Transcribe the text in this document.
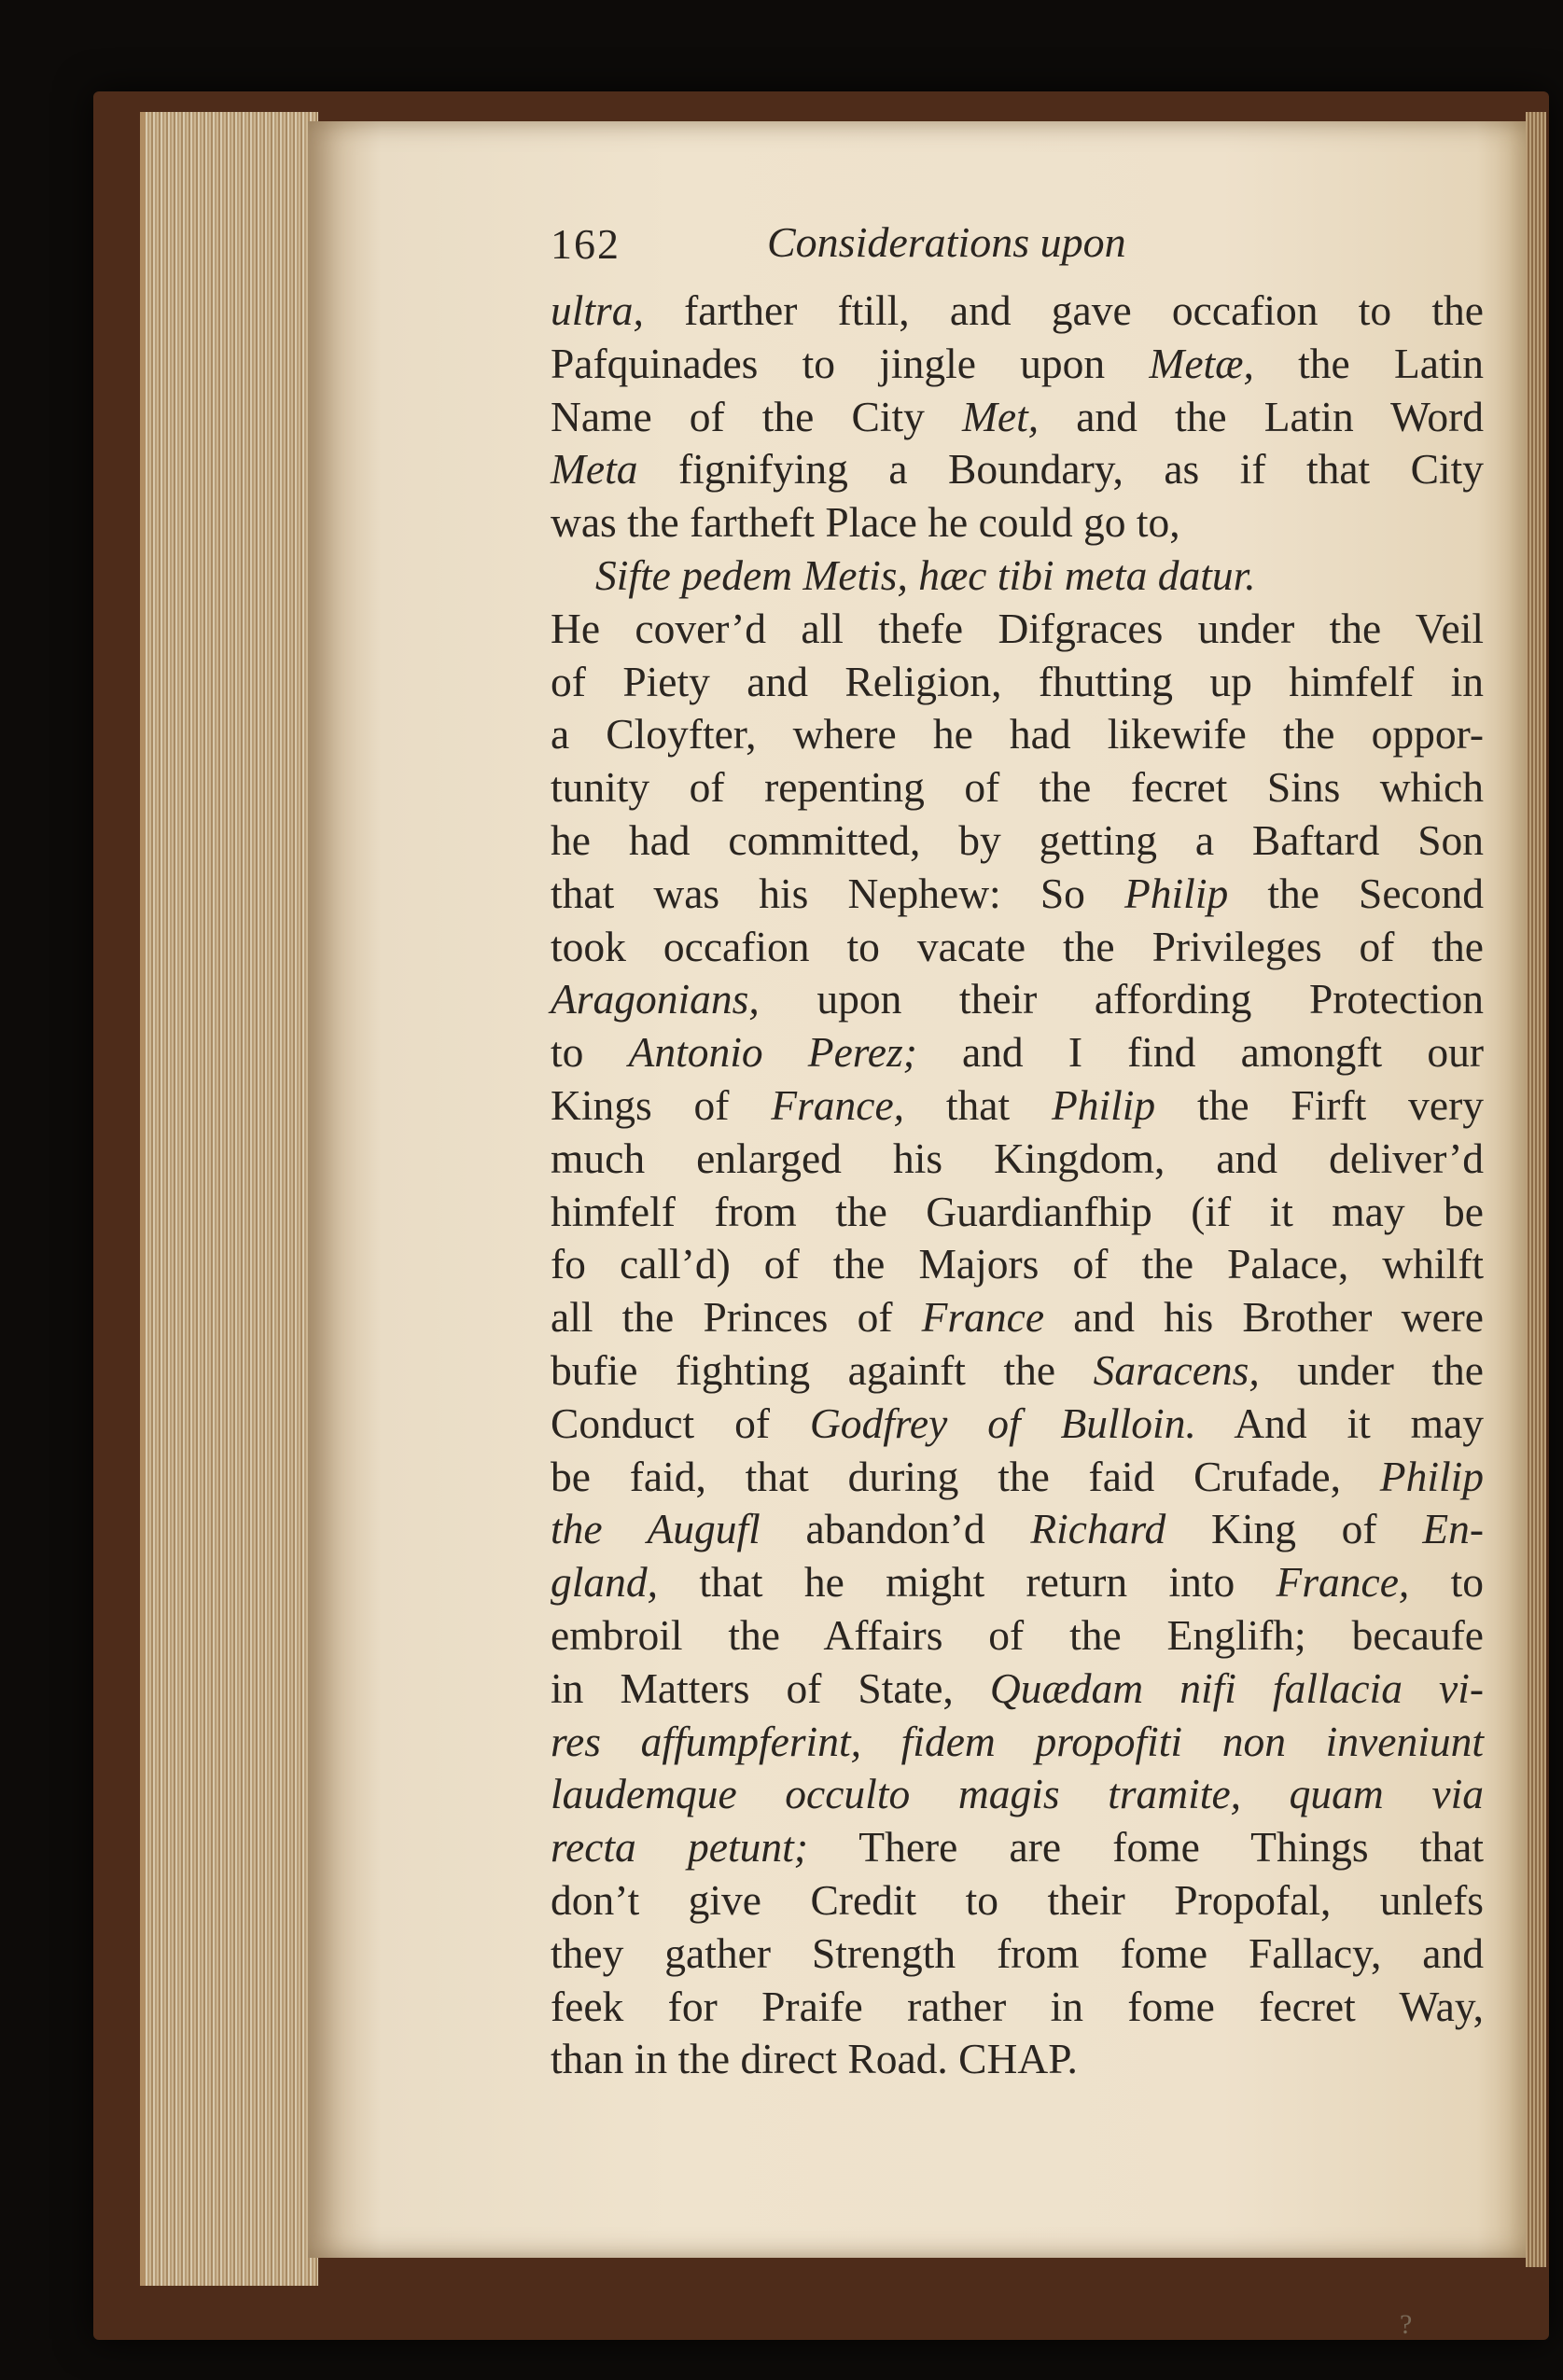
162	Considerations upon
ultra, farther ftill, and gave occafion to the
Pafquinades to jingle upon Metæ, the Latin
Name of the City Met, and the Latin Word
Meta fignifying a Boundary, as if that City
was the fartheft Place he could go to,
Sifte pedem Metis, hæc tibi meta datur.
He cover’d all thefe Difgraces under the Veil
of Piety and Religion, fhutting up himfelf in
a Cloyfter, where he had likewife the oppor-
tunity of repenting of the fecret Sins which
he had committed, by getting a Baftard Son
that was his Nephew: So Philip the Second
took occafion to vacate the Privileges of the
Aragonians, upon their affording Protection
to Antonio Perez; and I find amongft our
Kings of France, that Philip the Firft very
much enlarged his Kingdom, and deliver’d
himfelf from the Guardianfhip (if it may be
fo call’d) of the Majors of the Palace, whilft
all the Princes of France and his Brother were
bufie fighting againft the Saracens, under the
Conduct of Godfrey of Bulloin. And it may
be faid, that during the faid Crufade, Philip
the Augufl abandon’d Richard King of En-
gland, that he might return into France, to
embroil the Affairs of the Englifh; becaufe
in Matters of State, Quædam nifi fallacia vi-
res affumpferint, fidem propofiti non inveniunt
laudemque occulto magis tramite, quam via
recta petunt; There are fome Things that
don’t give Credit to their Propofal, unlefs
they gather Strength from fome Fallacy, and
feek for Praife rather in fome fecret Way,
than in the direct Road. CHAP.
?
